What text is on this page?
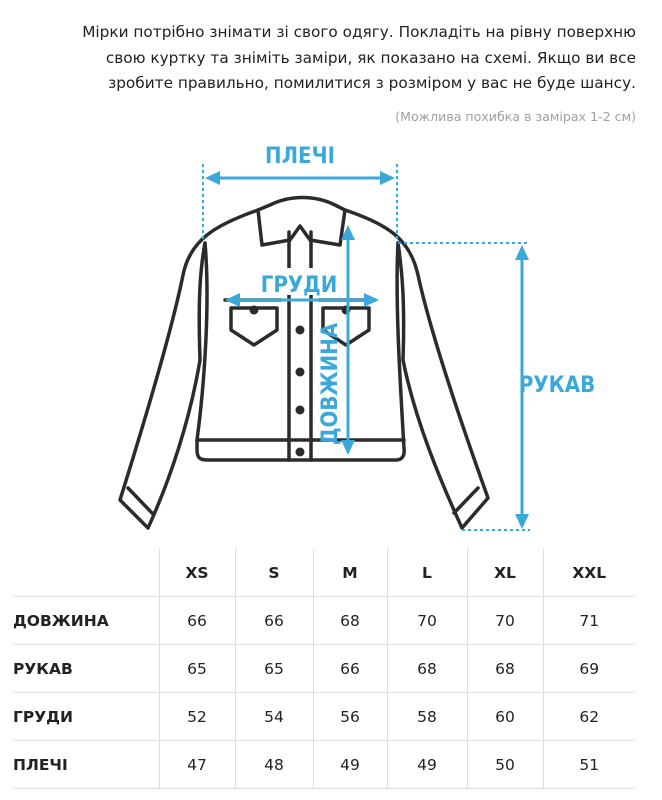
Мірки потрібно знімати зі свого одягу. Покладіть на рівну поверхню
свою куртку та зніміть заміри, як показано на схемі. Якщо ви все
зробите правильно, помилитися з розміром у вас не буде шансу.
(Можлива похибка в замірах 1-2 см)
ПЛЕЧІ
ГРУДИ
ДОВЖИНА	РУКАВ
	XS	S	M	L	XL	XXL
ДОВЖИНА	66	66	68	70	70	71
РУКАВ	65	65	66	68	68	69
ГРУДИ	52	54	56	58	60	62
ПЛЕЧІ	47	48	49	49	50	51
